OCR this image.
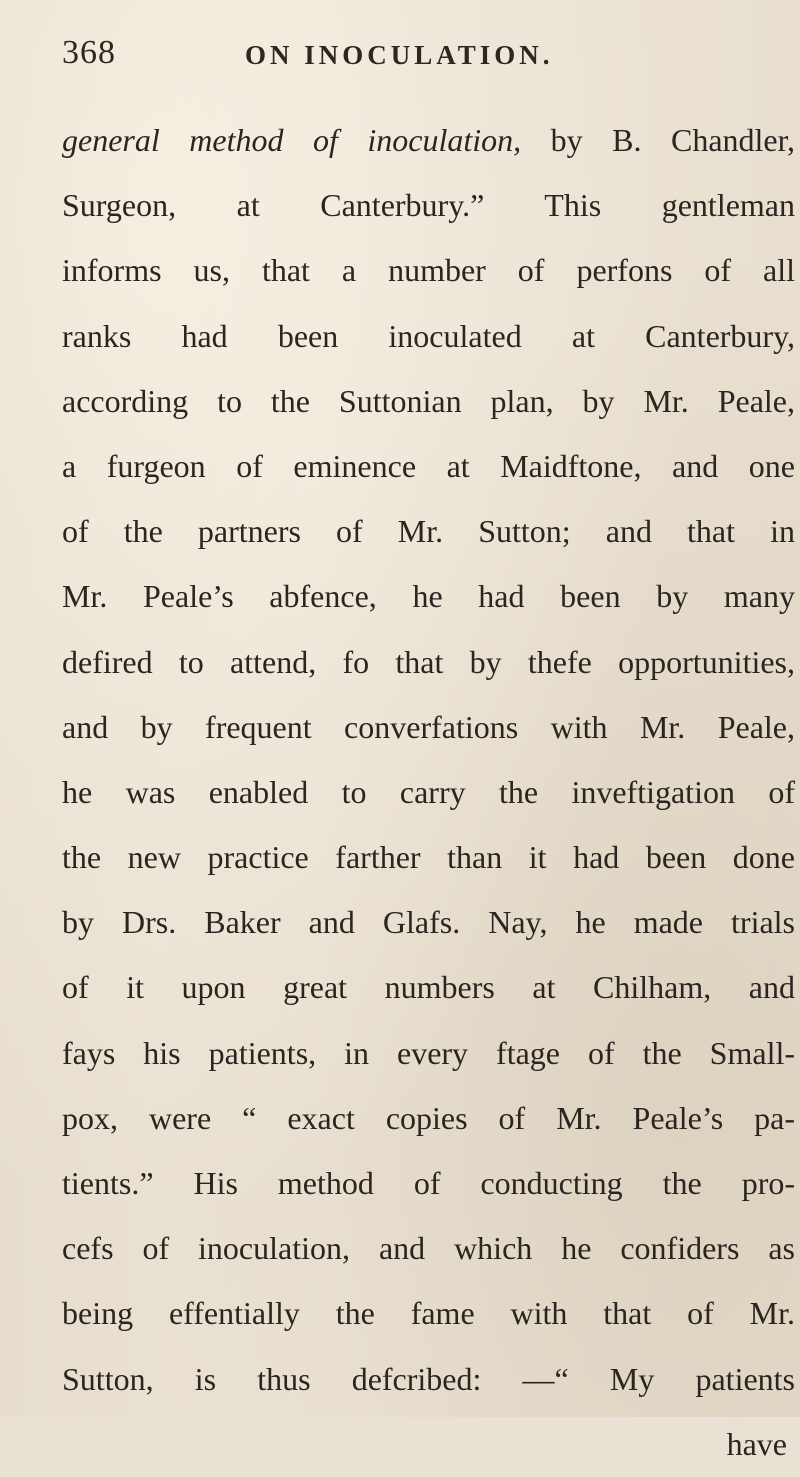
368	ON INOCULATION.
general method of inoculation, by B. Chandler,
Surgeon, at Canterbury.” This gentleman
informs us, that a number of perfons of all
ranks had been inoculated at Canterbury,
according to the Suttonian plan, by Mr. Peale,
a furgeon of eminence at Maidftone, and one
of the partners of Mr. Sutton; and that in
Mr. Peale’s abfence, he had been by many
defired to attend, fo that by thefe opportunities,
and by frequent converfations with Mr. Peale,
he was enabled to carry the inveftigation of
the new practice farther than it had been done
by Drs. Baker and Glafs. Nay, he made trials
of it upon great numbers at Chilham, and
fays his patients, in every ftage of the Small-
pox, were “ exact copies of Mr. Peale’s pa-
tients.” His method of conducting the pro-
cefs of inoculation, and which he confiders as
being effentially the fame with that of Mr.
Sutton, is thus defcribed: —“ My patients
have
